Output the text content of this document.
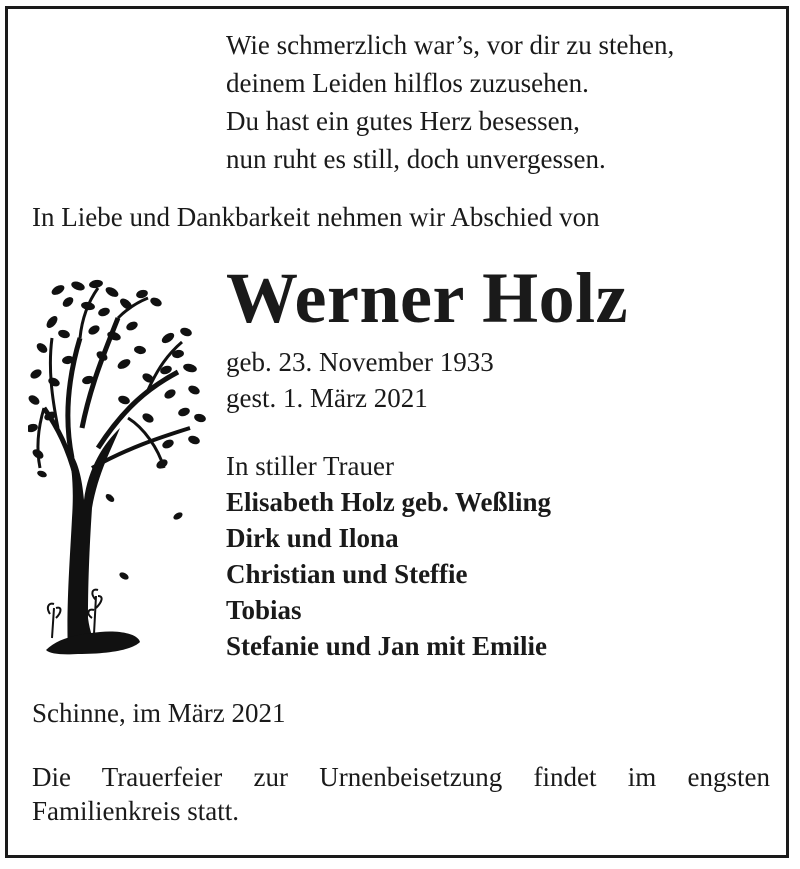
Wie schmerzlich war’s, vor dir zu stehen,
deinem Leiden hilflos zuzusehen.
Du hast ein gutes Herz besessen,
nun ruht es still, doch unvergessen.
In Liebe und Dankbarkeit nehmen wir Abschied von
Werner Holz
geb. 23. November 1933
gest. 1. März 2021
In stiller Trauer
Elisabeth Holz geb. Weßling
Dirk und Ilona
Christian und Steffie
Tobias
Stefanie und Jan mit Emilie
Schinne, im März 2021
Die Trauerfeier zur Urnenbeisetzung findet im engsten Familienkreis statt.
